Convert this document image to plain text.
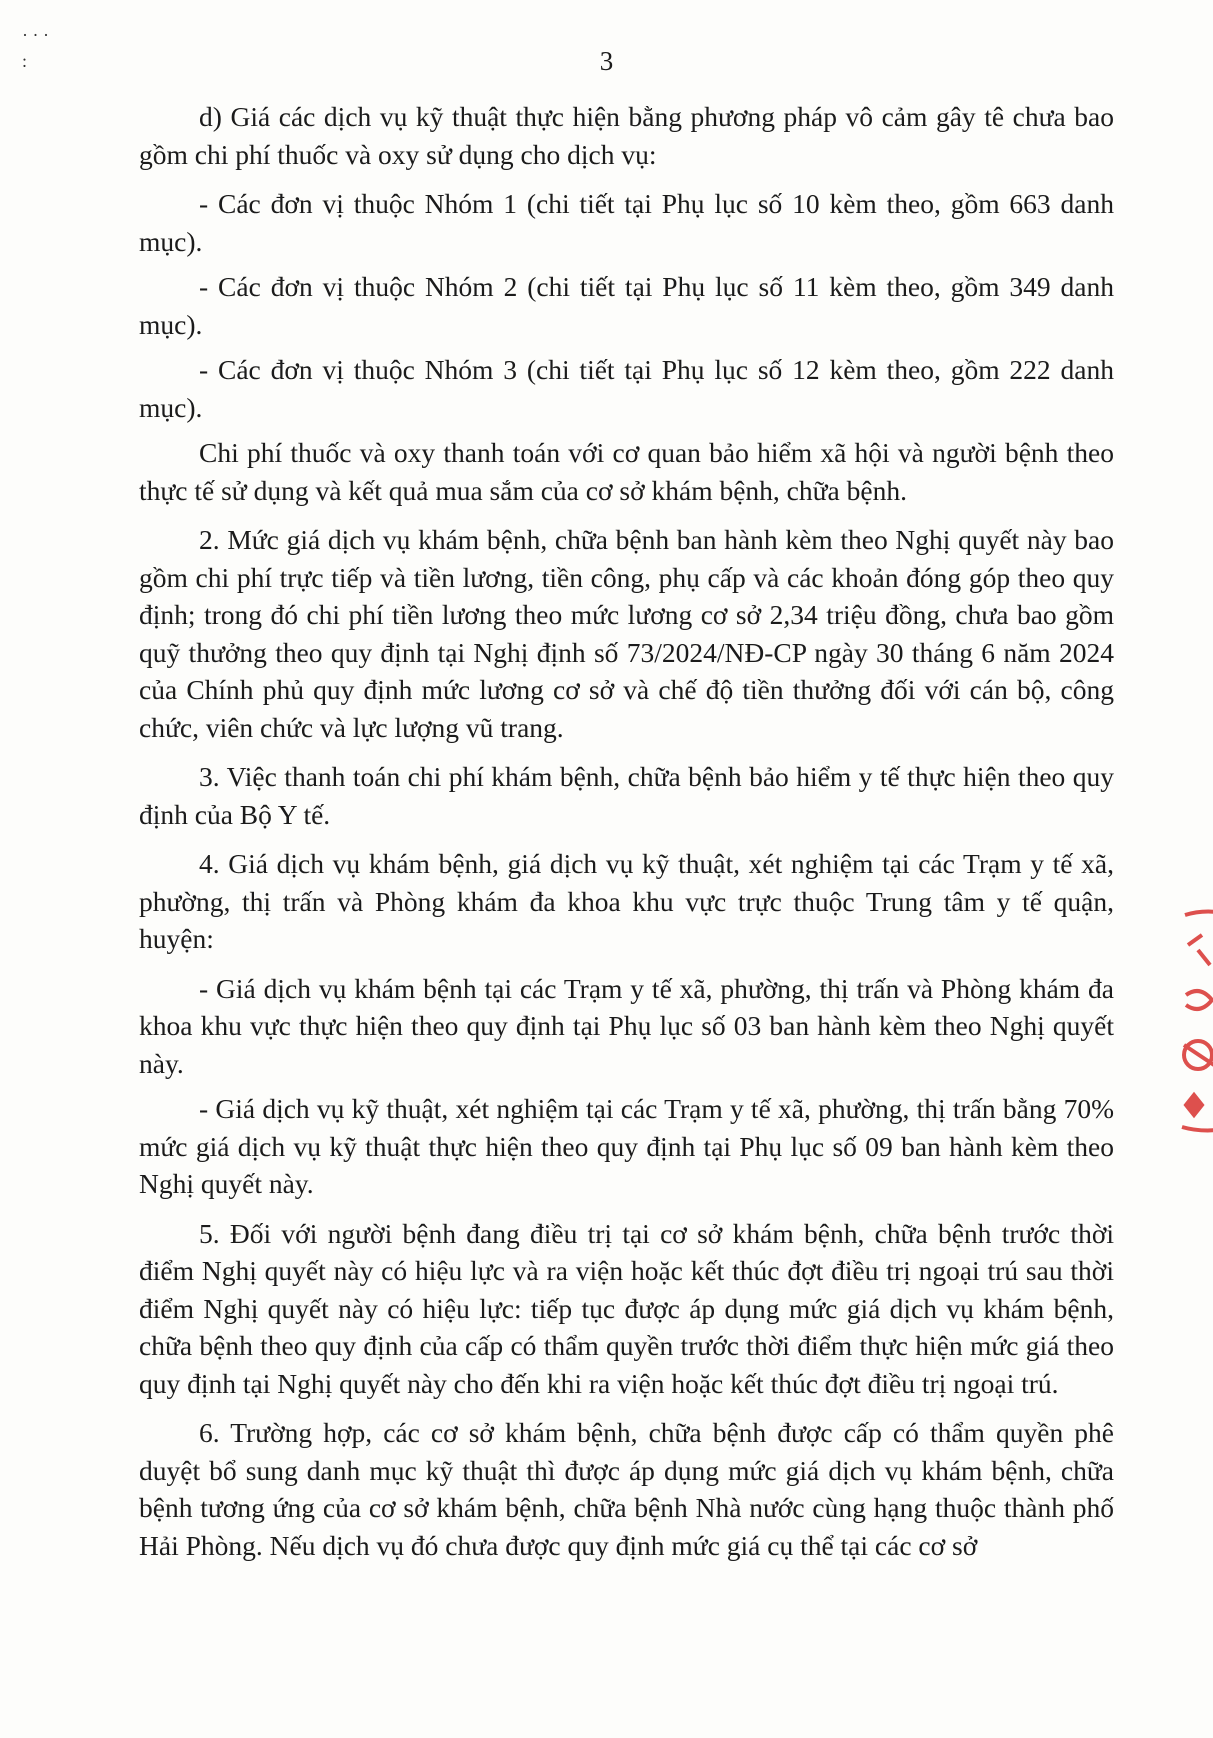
· · ·
:	3

d) Giá các dịch vụ kỹ thuật thực hiện bằng phương pháp vô cảm gây tê chưa bao gồm chi phí thuốc và oxy sử dụng cho dịch vụ:

- Các đơn vị thuộc Nhóm 1 (chi tiết tại Phụ lục số 10 kèm theo, gồm 663 danh mục).

- Các đơn vị thuộc Nhóm 2 (chi tiết tại Phụ lục số 11 kèm theo, gồm 349 danh mục).

- Các đơn vị thuộc Nhóm 3 (chi tiết tại Phụ lục số 12 kèm theo, gồm 222 danh mục).

Chi phí thuốc và oxy thanh toán với cơ quan bảo hiểm xã hội và người bệnh theo thực tế sử dụng và kết quả mua sắm của cơ sở khám bệnh, chữa bệnh.

2. Mức giá dịch vụ khám bệnh, chữa bệnh ban hành kèm theo Nghị quyết này bao gồm chi phí trực tiếp và tiền lương, tiền công, phụ cấp và các khoản đóng góp theo quy định; trong đó chi phí tiền lương theo mức lương cơ sở 2,34 triệu đồng, chưa bao gồm quỹ thưởng theo quy định tại Nghị định số 73/2024/NĐ-CP ngày 30 tháng 6 năm 2024 của Chính phủ quy định mức lương cơ sở và chế độ tiền thưởng đối với cán bộ, công chức, viên chức và lực lượng vũ trang.

3. Việc thanh toán chi phí khám bệnh, chữa bệnh bảo hiểm y tế thực hiện theo quy định của Bộ Y tế.

4. Giá dịch vụ khám bệnh, giá dịch vụ kỹ thuật, xét nghiệm tại các Trạm y tế xã, phường, thị trấn và Phòng khám đa khoa khu vực trực thuộc Trung tâm y tế quận, huyện:

- Giá dịch vụ khám bệnh tại các Trạm y tế xã, phường, thị trấn và Phòng khám đa khoa khu vực thực hiện theo quy định tại Phụ lục số 03 ban hành kèm theo Nghị quyết này.

- Giá dịch vụ kỹ thuật, xét nghiệm tại các Trạm y tế xã, phường, thị trấn bằng 70% mức giá dịch vụ kỹ thuật thực hiện theo quy định tại Phụ lục số 09 ban hành kèm theo Nghị quyết này.

5. Đối với người bệnh đang điều trị tại cơ sở khám bệnh, chữa bệnh trước thời điểm Nghị quyết này có hiệu lực và ra viện hoặc kết thúc đợt điều trị ngoại trú sau thời điểm Nghị quyết này có hiệu lực: tiếp tục được áp dụng mức giá dịch vụ khám bệnh, chữa bệnh theo quy định của cấp có thẩm quyền trước thời điểm thực hiện mức giá theo quy định tại Nghị quyết này cho đến khi ra viện hoặc kết thúc đợt điều trị ngoại trú.

6. Trường hợp, các cơ sở khám bệnh, chữa bệnh được cấp có thẩm quyền phê duyệt bổ sung danh mục kỹ thuật thì được áp dụng mức giá dịch vụ khám bệnh, chữa bệnh tương ứng của cơ sở khám bệnh, chữa bệnh Nhà nước cùng hạng thuộc thành phố Hải Phòng. Nếu dịch vụ đó chưa được quy định mức giá cụ thể tại các cơ sở
